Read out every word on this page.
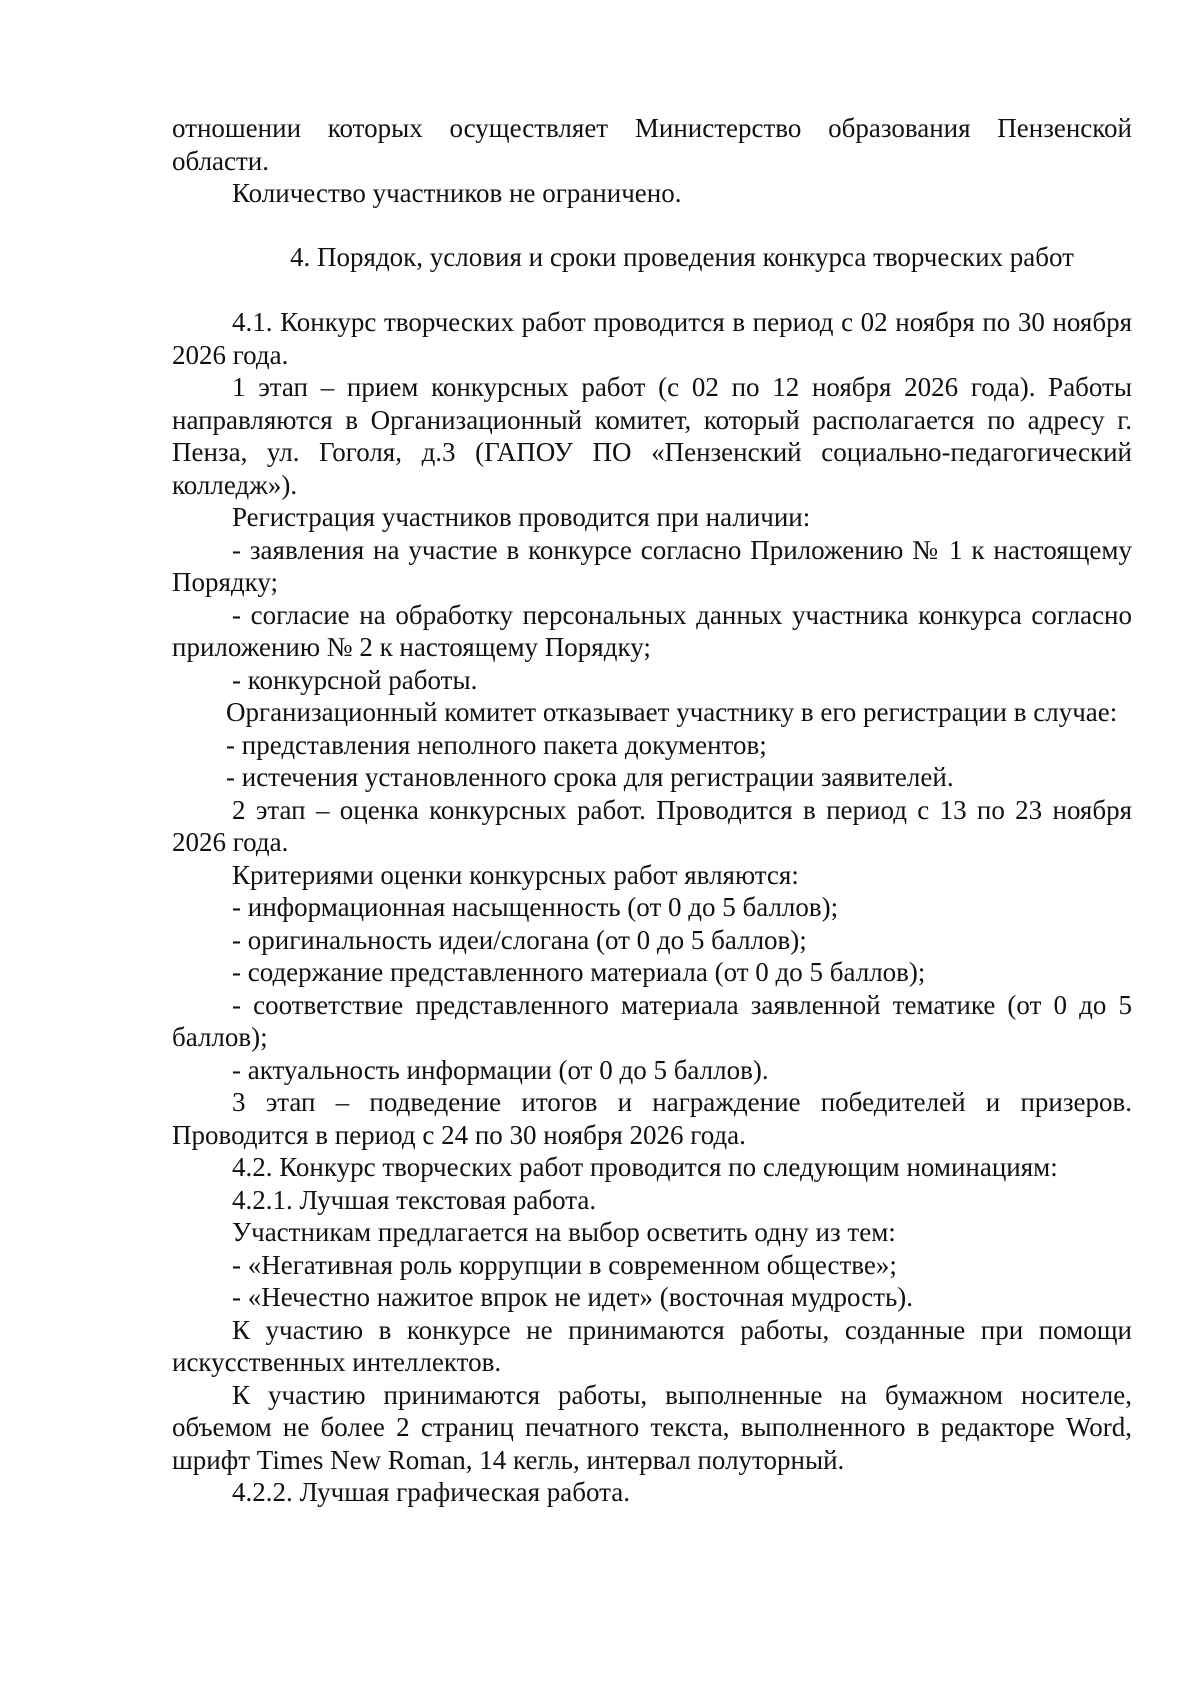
отношении которых осуществляет Министерство образования Пензенской области.

Количество участников не ограничено.

4. Порядок, условия и сроки проведения конкурса творческих работ

4.1. Конкурс творческих работ проводится в период с 02 ноября по 30 ноября 2026 года.

1 этап – прием конкурсных работ (с 02 по 12 ноября 2026 года). Работы направляются в Организационный комитет, который располагается по адресу г. Пенза, ул. Гоголя, д.3 (ГАПОУ ПО «Пензенский социально-педагогический колледж»).

Регистрация участников проводится при наличии:

- заявления на участие в конкурсе согласно Приложению № 1 к настоящему Порядку;

- согласие на обработку персональных данных участника конкурса согласно приложению № 2 к настоящему Порядку;

- конкурсной работы.

Организационный комитет отказывает участнику в его регистрации в случае:

- представления неполного пакета документов;

- истечения установленного срока для регистрации заявителей.

2 этап – оценка конкурсных работ. Проводится в период с 13 по 23 ноября 2026 года.

Критериями оценки конкурсных работ являются:

- информационная насыщенность (от 0 до 5 баллов);

- оригинальность идеи/слогана (от 0 до 5 баллов);

- содержание представленного материала (от 0 до 5 баллов);

- соответствие представленного материала заявленной тематике (от 0 до 5 баллов);

- актуальность информации (от 0 до 5 баллов).

3 этап – подведение итогов и награждение победителей и призеров. Проводится в период с 24 по 30 ноября 2026 года.

4.2. Конкурс творческих работ проводится по следующим номинациям:

4.2.1. Лучшая текстовая работа.

Участникам предлагается на выбор осветить одну из тем:

- «Негативная роль коррупции в современном обществе»;

- «Нечестно нажитое впрок не идет» (восточная мудрость).

К участию в конкурсе не принимаются работы, созданные при помощи искусственных интеллектов.

К участию принимаются работы, выполненные на бумажном носителе, объемом не более 2 страниц печатного текста, выполненного в редакторе Word, шрифт Times New Roman, 14 кегль, интервал полуторный.

4.2.2. Лучшая графическая работа.
